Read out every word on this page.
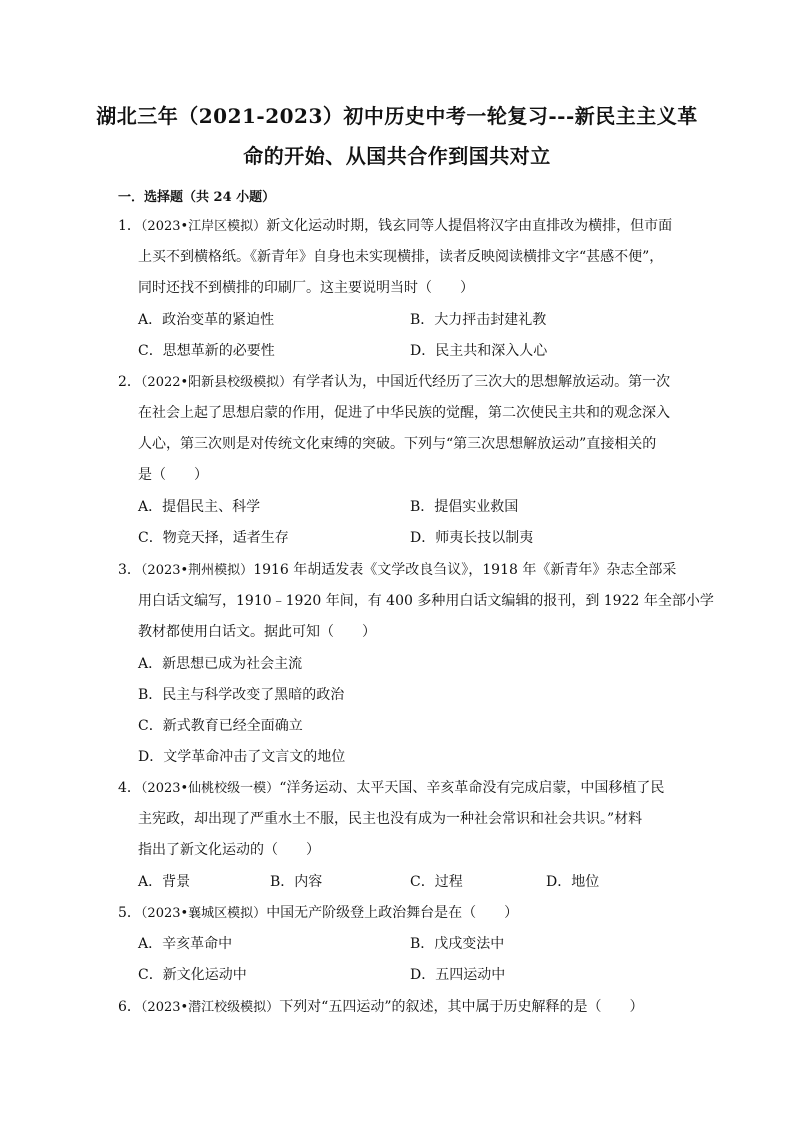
湖北三年（2021-2023）初中历史中考一轮复习---新民主主义革
命的开始、从国共合作到国共对立
一．选择题（共 24 小题）
1．（2023•江岸区模拟）新文化运动时期，钱玄同等人提倡将汉字由直排改为横排，但市面
上买不到横格纸。《新青年》自身也未实现横排，读者反映阅读横排文字“甚感不便”，
同时还找不到横排的印刷厂。这主要说明当时（　　）
A．政治变革的紧迫性	B．大力抨击封建礼教
C．思想革新的必要性	D．民主共和深入人心
2．（2022•阳新县校级模拟）有学者认为，中国近代经历了三次大的思想解放运动。第一次
在社会上起了思想启蒙的作用，促进了中华民族的觉醒，第二次使民主共和的观念深入
人心，第三次则是对传统文化束缚的突破。下列与“第三次思想解放运动”直接相关的
是（　　）
A．提倡民主、科学	B．提倡实业救国
C．物竞天择，适者生存	D．师夷长技以制夷
3．（2023•荆州模拟）1916 年胡适发表《文学改良刍议》，1918 年《新青年》杂志全部采
用白话文编写，1910﹣1920 年间，有 400 多种用白话文编辑的报刊，到 1922 年全部小学
教材都使用白话文。据此可知（　　）
A．新思想已成为社会主流
B．民主与科学改变了黑暗的政治
C．新式教育已经全面确立
D．文学革命冲击了文言文的地位
4．（2023•仙桃校级一模）“洋务运动、太平天国、辛亥革命没有完成启蒙，中国移植了民
主宪政，却出现了严重水土不服，民主也没有成为一种社会常识和社会共识。”材料
指出了新文化运动的（　　）
A．背景	B．内容	C．过程	D．地位
5．（2023•襄城区模拟）中国无产阶级登上政治舞台是在（　　）
A．辛亥革命中	B．戊戌变法中
C．新文化运动中	D．五四运动中
6．（2023•潜江校级模拟）下列对“五四运动”的叙述，其中属于历史解释的是（　　）
